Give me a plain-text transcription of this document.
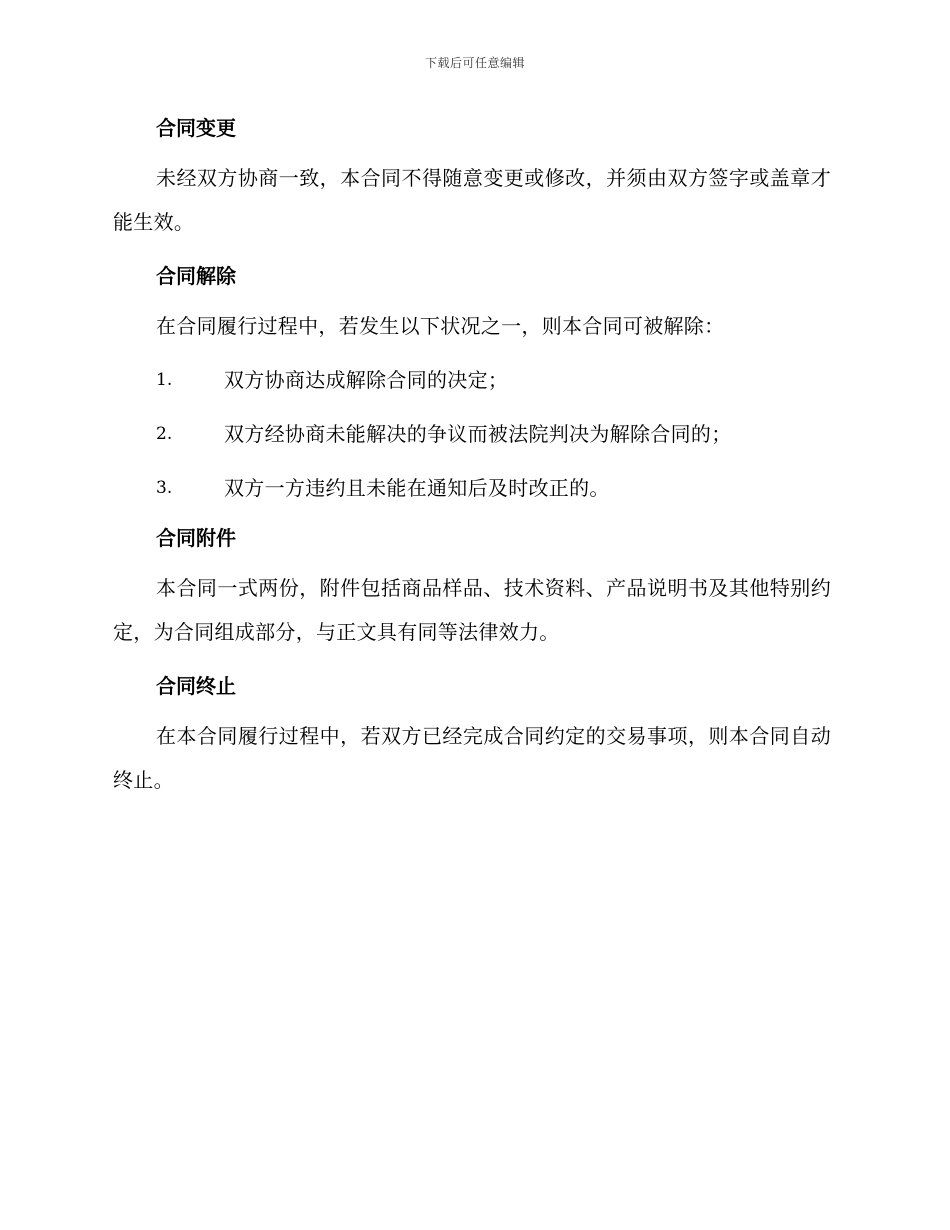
下载后可任意编辑
合同变更

未经双方协商一致，本合同不得随意变更或修改，并须由双方签字或盖章才能生效。

合同解除

在合同履行过程中，若发生以下状况之一，则本合同可被解除：

1.	双方协商达成解除合同的决定；
2.	双方经协商未能解决的争议而被法院判决为解除合同的；
3.	双方一方违约且未能在通知后及时改正的。
合同附件

本合同一式两份，附件包括商品样品、技术资料、产品说明书及其他特别约定，为合同组成部分，与正文具有同等法律效力。

合同终止

在本合同履行过程中，若双方已经完成合同约定的交易事项，则本合同自动终止。
